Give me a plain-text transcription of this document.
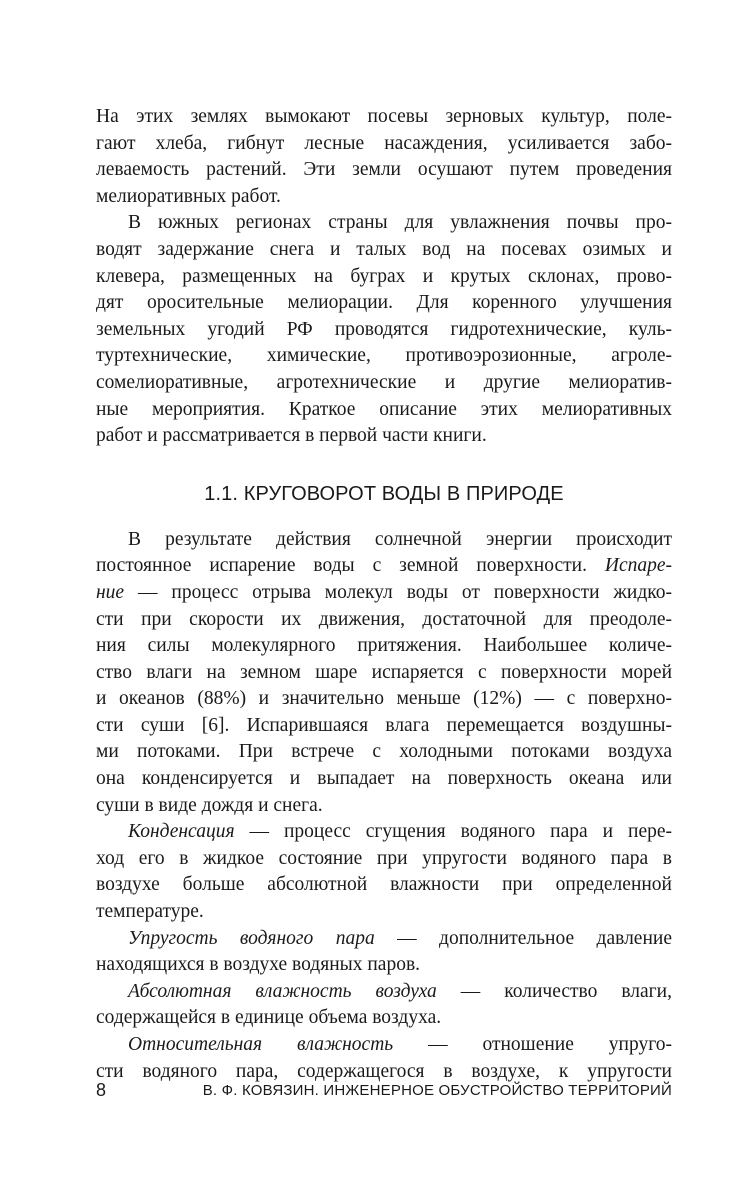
На этих землях вымокают посевы зерновых культур, поле-
гают хлеба, гибнут лесные насаждения, усиливается забо-
леваемость растений. Эти земли осушают путем проведения
мелиоративных работ.
В южных регионах страны для увлажнения почвы про-
водят задержание снега и талых вод на посевах озимых и
клевера, размещенных на буграх и крутых склонах, прово-
дят оросительные мелиорации. Для коренного улучшения
земельных угодий РФ проводятся гидротехнические, куль-
туртехнические, химические, противоэрозионные, агроле-
сомелиоративные, агротехнические и другие мелиоратив-
ные мероприятия. Краткое описание этих мелиоративных
работ и рассматривается в первой части книги.
1.1. КРУГОВОРОТ ВОДЫ В ПРИРОДЕ
В результате действия солнечной энергии происходит
постоянное испарение воды с земной поверхности. Испаре-
ние — процесс отрыва молекул воды от поверхности жидко-
сти при скорости их движения, достаточной для преодоле-
ния силы молекулярного притяжения. Наибольшее количе-
ство влаги на земном шаре испаряется с поверхности морей
и океанов (88%) и значительно меньше (12%) — с поверхно-
сти суши [6]. Испарившаяся влага перемещается воздушны-
ми потоками. При встрече с холодными потоками воздуха
она конденсируется и выпадает на поверхность океана или
суши в виде дождя и снега.
Конденсация — процесс сгущения водяного пара и пере-
ход его в жидкое состояние при упругости водяного пара в
воздухе больше абсолютной влажности при определенной
температуре.
Упругость водяного пара — дополнительное давление
находящихся в воздухе водяных паров.
Абсолютная влажность воздуха — количество влаги,
содержащейся в единице объема воздуха.
Относительная влажность — отношение упруго-
сти водяного пара, содержащегося в воздухе, к упругости
8	В. Ф. КОВЯЗИН. ИНЖЕНЕРНОЕ ОБУСТРОЙСТВО ТЕРРИТОРИЙ
